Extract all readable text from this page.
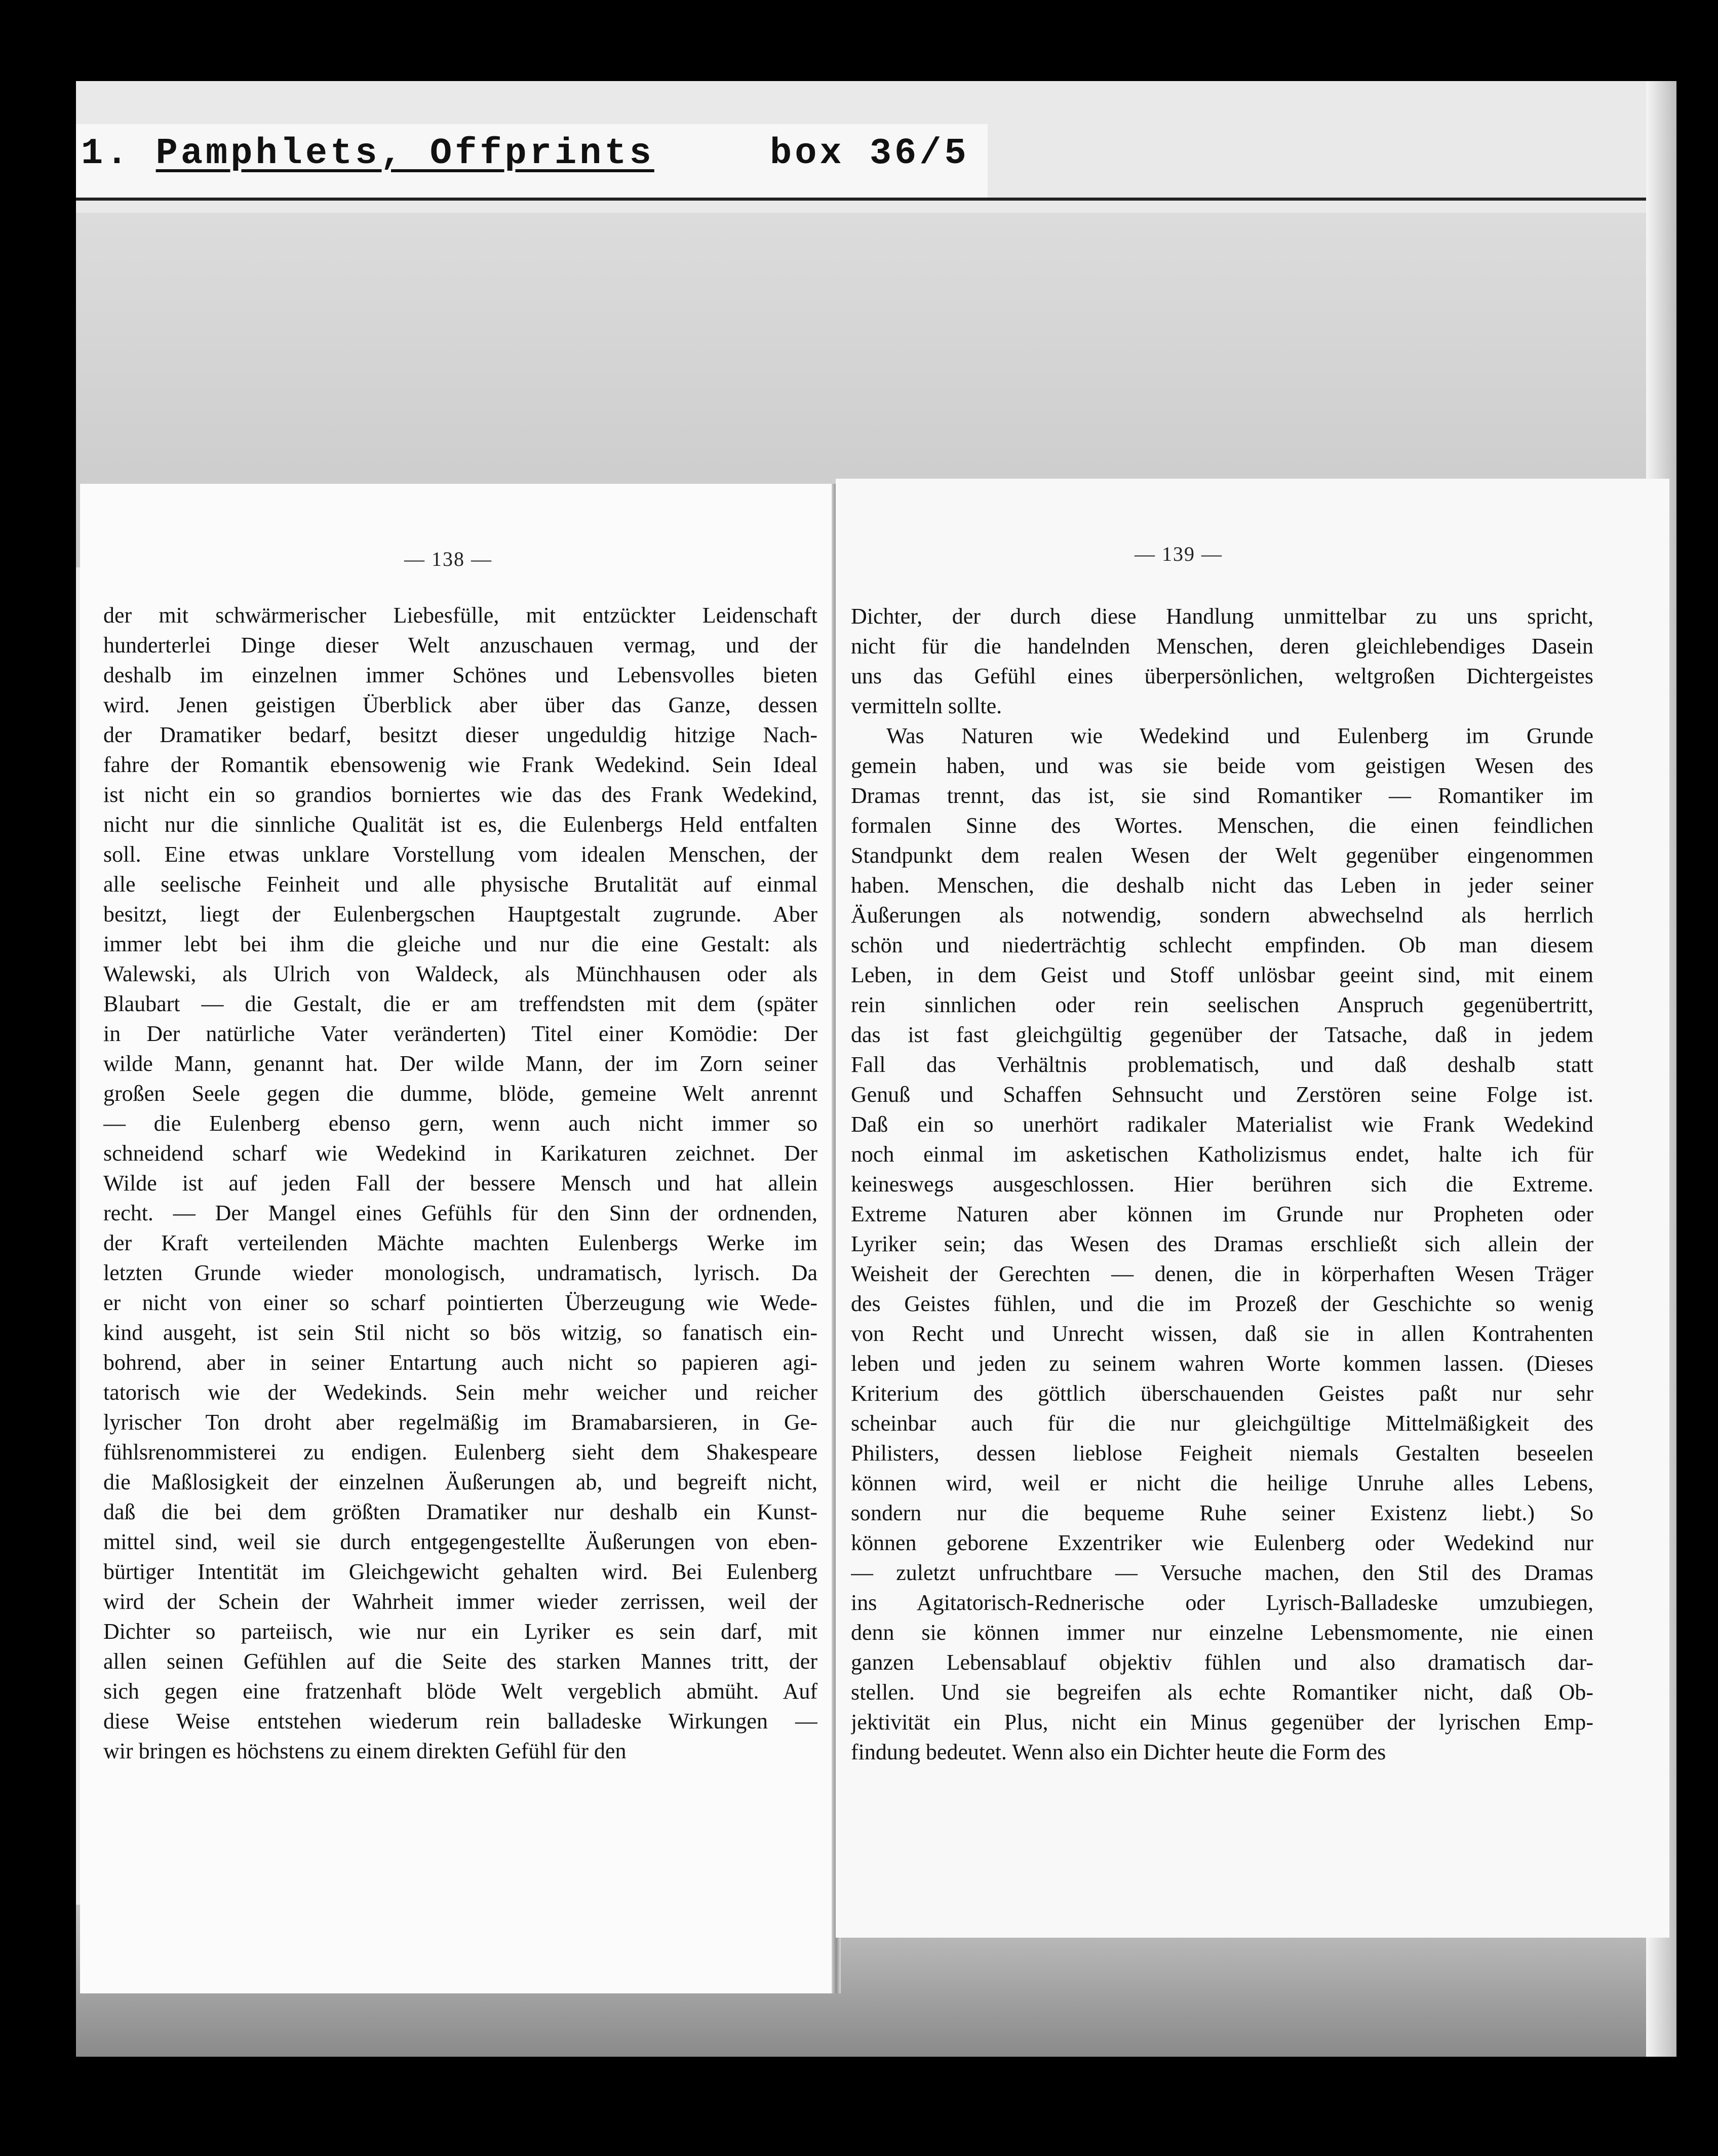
1. Pamphlets, Offprints	box 36/5
— 138 —
der mit schwärmerischer Liebesfülle, mit entzückter Leidenschaft
hunderterlei Dinge dieser Welt anzuschauen vermag, und der
deshalb im einzelnen immer Schönes und Lebensvolles bieten
wird. Jenen geistigen Überblick aber über das Ganze, dessen
der Dramatiker bedarf, besitzt dieser ungeduldig hitzige Nach-
fahre der Romantik ebensowenig wie Frank Wedekind. Sein Ideal
ist nicht ein so grandios borniertes wie das des Frank Wedekind,
nicht nur die sinnliche Qualität ist es, die Eulenbergs Held entfalten
soll. Eine etwas unklare Vorstellung vom idealen Menschen, der
alle seelische Feinheit und alle physische Brutalität auf einmal
besitzt, liegt der Eulenbergschen Hauptgestalt zugrunde. Aber
immer lebt bei ihm die gleiche und nur die eine Gestalt: als
Walewski, als Ulrich von Waldeck, als Münchhausen oder als
Blaubart — die Gestalt, die er am treffendsten mit dem (später
in Der natürliche Vater veränderten) Titel einer Komödie: Der
wilde Mann, genannt hat. Der wilde Mann, der im Zorn seiner
großen Seele gegen die dumme, blöde, gemeine Welt anrennt
— die Eulenberg ebenso gern, wenn auch nicht immer so
schneidend scharf wie Wedekind in Karikaturen zeichnet. Der
Wilde ist auf jeden Fall der bessere Mensch und hat allein
recht. — Der Mangel eines Gefühls für den Sinn der ordnenden,
der Kraft verteilenden Mächte machten Eulenbergs Werke im
letzten Grunde wieder monologisch, undramatisch, lyrisch. Da
er nicht von einer so scharf pointierten Überzeugung wie Wede-
kind ausgeht, ist sein Stil nicht so bös witzig, so fanatisch ein-
bohrend, aber in seiner Entartung auch nicht so papieren agi-
tatorisch wie der Wedekinds. Sein mehr weicher und reicher
lyrischer Ton droht aber regelmäßig im Bramabarsieren, in Ge-
fühlsrenommisterei zu endigen. Eulenberg sieht dem Shakespeare
die Maßlosigkeit der einzelnen Äußerungen ab, und begreift nicht,
daß die bei dem größten Dramatiker nur deshalb ein Kunst-
mittel sind, weil sie durch entgegengestellte Äußerungen von eben-
bürtiger Intentität im Gleichgewicht gehalten wird. Bei Eulenberg
wird der Schein der Wahrheit immer wieder zerrissen, weil der
Dichter so parteiisch, wie nur ein Lyriker es sein darf, mit
allen seinen Gefühlen auf die Seite des starken Mannes tritt, der
sich gegen eine fratzenhaft blöde Welt vergeblich abmüht. Auf
diese Weise entstehen wiederum rein balladeske Wirkungen —
wir bringen es höchstens zu einem direkten Gefühl für den
— 139 —
Dichter, der durch diese Handlung unmittelbar zu uns spricht,
nicht für die handelnden Menschen, deren gleichlebendiges Dasein
uns das Gefühl eines überpersönlichen, weltgroßen Dichtergeistes
vermitteln sollte.
Was Naturen wie Wedekind und Eulenberg im Grunde
gemein haben, und was sie beide vom geistigen Wesen des
Dramas trennt, das ist, sie sind Romantiker — Romantiker im
formalen Sinne des Wortes. Menschen, die einen feindlichen
Standpunkt dem realen Wesen der Welt gegenüber eingenommen
haben. Menschen, die deshalb nicht das Leben in jeder seiner
Äußerungen als notwendig, sondern abwechselnd als herrlich
schön und niederträchtig schlecht empfinden. Ob man diesem
Leben, in dem Geist und Stoff unlösbar geeint sind, mit einem
rein sinnlichen oder rein seelischen Anspruch gegenübertritt,
das ist fast gleichgültig gegenüber der Tatsache, daß in jedem
Fall das Verhältnis problematisch, und daß deshalb statt
Genuß und Schaffen Sehnsucht und Zerstören seine Folge ist.
Daß ein so unerhört radikaler Materialist wie Frank Wedekind
noch einmal im asketischen Katholizismus endet, halte ich für
keineswegs ausgeschlossen. Hier berühren sich die Extreme.
Extreme Naturen aber können im Grunde nur Propheten oder
Lyriker sein; das Wesen des Dramas erschließt sich allein der
Weisheit der Gerechten — denen, die in körperhaften Wesen Träger
des Geistes fühlen, und die im Prozeß der Geschichte so wenig
von Recht und Unrecht wissen, daß sie in allen Kontrahenten
leben und jeden zu seinem wahren Worte kommen lassen. (Dieses
Kriterium des göttlich überschauenden Geistes paßt nur sehr
scheinbar auch für die nur gleichgültige Mittelmäßigkeit des
Philisters, dessen lieblose Feigheit niemals Gestalten beseelen
können wird, weil er nicht die heilige Unruhe alles Lebens,
sondern nur die bequeme Ruhe seiner Existenz liebt.) So
können geborene Exzentriker wie Eulenberg oder Wedekind nur
— zuletzt unfruchtbare — Versuche machen, den Stil des Dramas
ins Agitatorisch-Rednerische oder Lyrisch-Balladeske umzubiegen,
denn sie können immer nur einzelne Lebensmomente, nie einen
ganzen Lebensablauf objektiv fühlen und also dramatisch dar-
stellen. Und sie begreifen als echte Romantiker nicht, daß Ob-
jektivität ein Plus, nicht ein Minus gegenüber der lyrischen Emp-
findung bedeutet. Wenn also ein Dichter heute die Form des
